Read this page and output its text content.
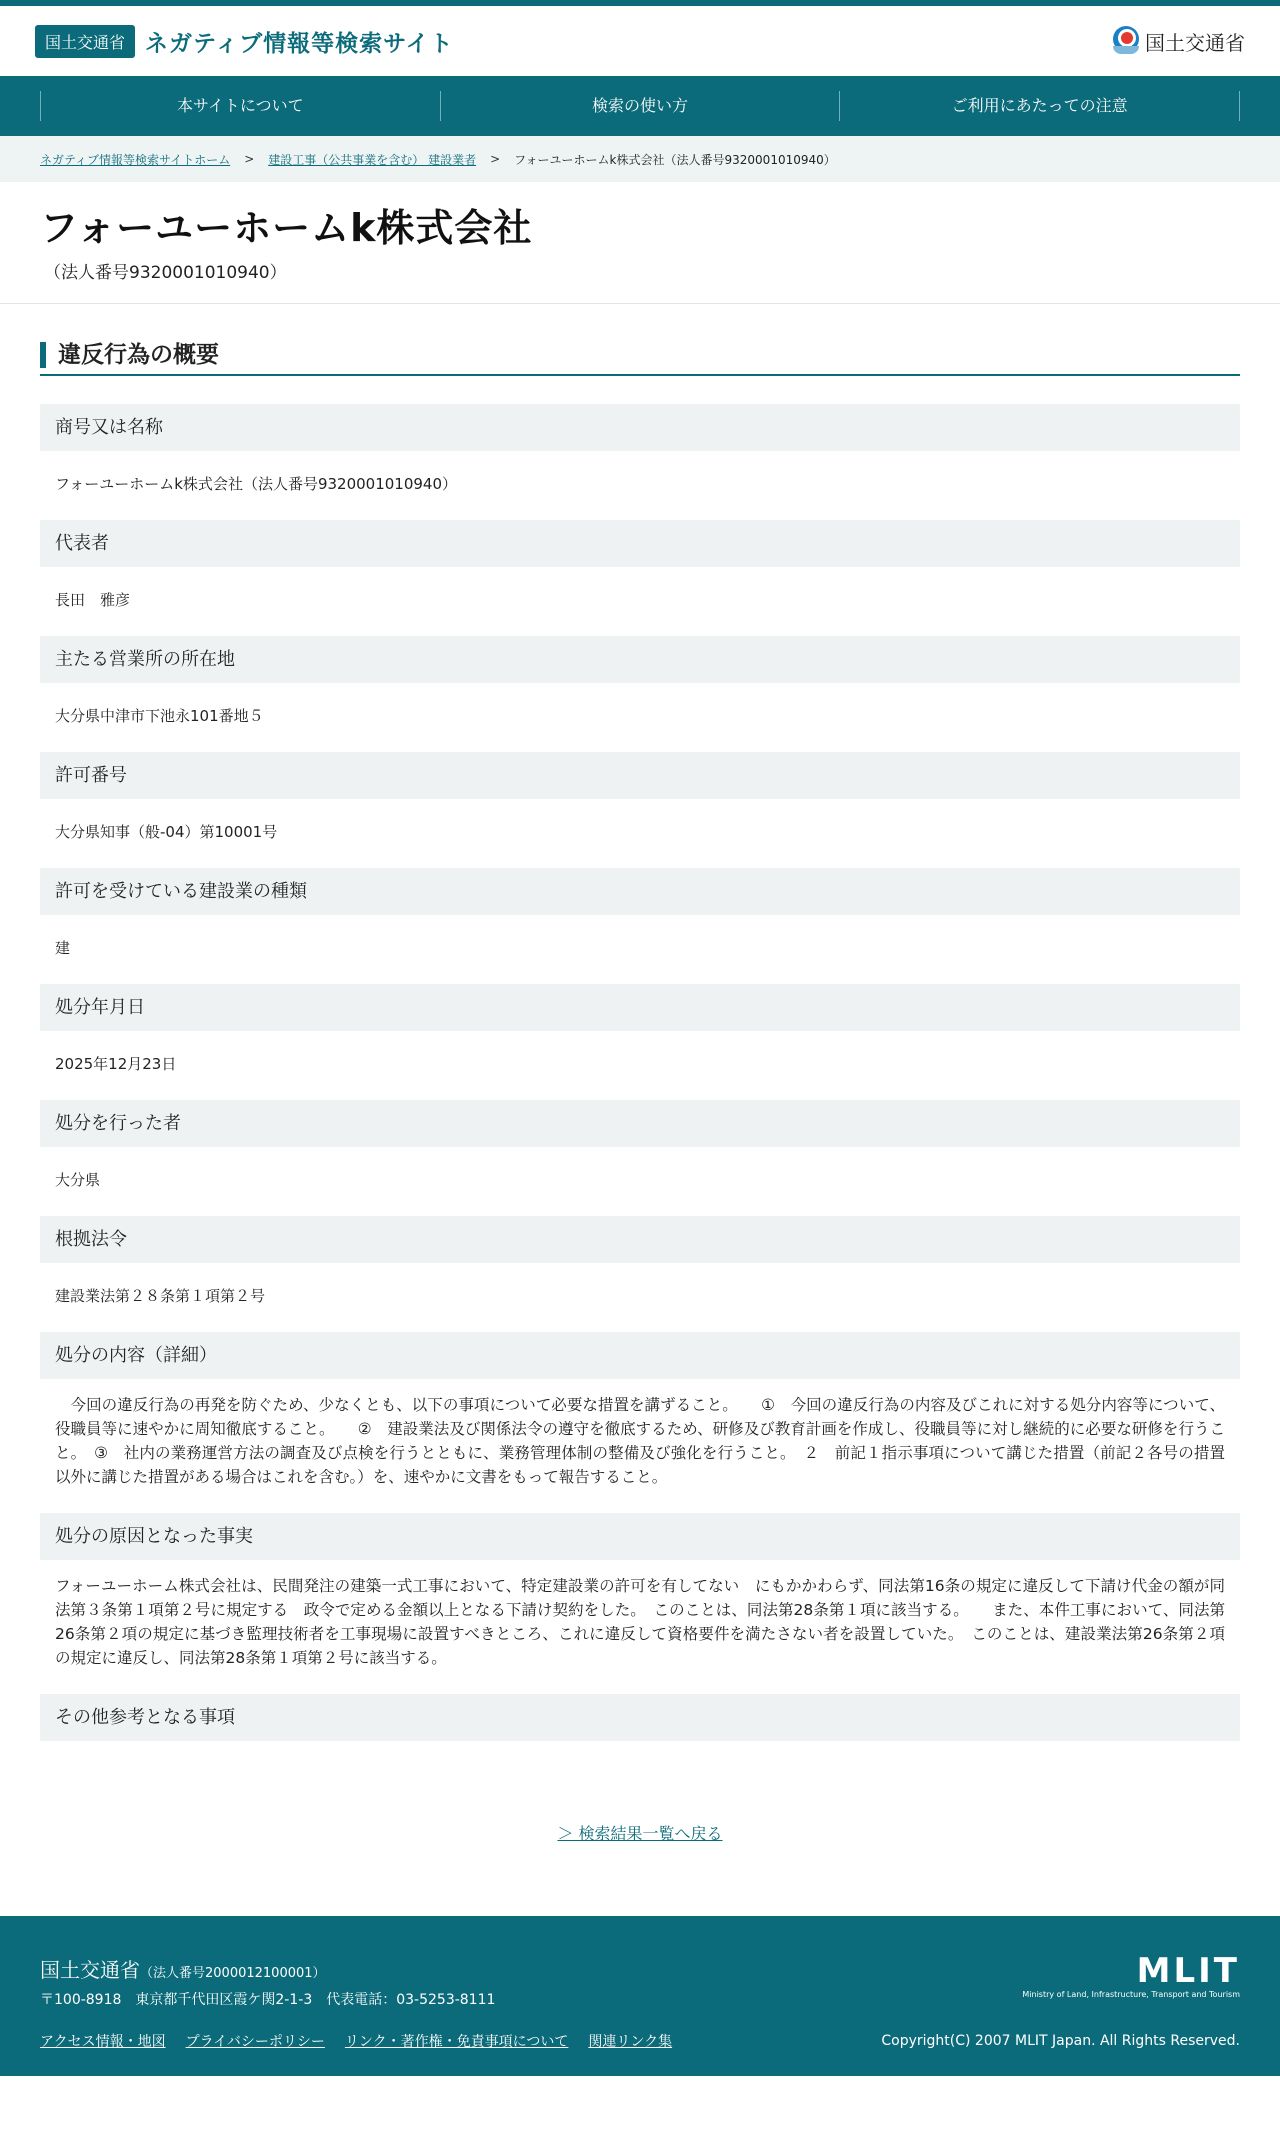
国土交通省 ネガティブ情報等検索サイト	国土交通省
本サイトについて	検索の使い方	ご利用にあたっての注意
ネガティブ情報等検索サイトホーム > 建設工事（公共事業を含む） 建設業者 > フォーユーホームk株式会社（法人番号9320001010940）
フォーユーホームk株式会社
（法人番号9320001010940）
違反行為の概要
商号又は名称
フォーユーホームk株式会社（法人番号9320001010940）
代表者
長田　雅彦
主たる営業所の所在地
大分県中津市下池永101番地５
許可番号
大分県知事（般-04）第10001号
許可を受けている建設業の種類
建
処分年月日
2025年12月23日
処分を行った者
大分県
根拠法令
建設業法第２８条第１項第２号
処分の内容（詳細）
　今回の違反行為の再発を防ぐため、少なくとも、以下の事項について必要な措置を講ずること。　　①　今回の違反行為の内容及びこれに対する処分内容等について、役職員等に速やかに周知徹底すること。　　②　建設業法及び関係法令の遵守を徹底するため、研修及び教育計画を作成し、役職員等に対し継続的に必要な研修を行うこと。　③　社内の業務運営方法の調査及び点検を行うとともに、業務管理体制の整備及び強化を行うこと。　２　前記１指示事項について講じた措置（前記２各号の措置以外に講じた措置がある場合はこれを含む。）を、速やかに文書をもって報告すること。
処分の原因となった事実
フォーユーホーム株式会社は、民間発注の建築一式工事において、特定建設業の許可を有してない　にもかかわらず、同法第16条の規定に違反して下請け代金の額が同法第３条第１項第２号に規定する　政令で定める金額以上となる下請け契約をした。　このことは、同法第28条第１項に該当する。　　また、本件工事において、同法第26条第２項の規定に基づき監理技術者を工事現場に設置すべきところ、これに違反して資格要件を満たさない者を設置していた。　このことは、建設業法第26条第２項の規定に違反し、同法第28条第１項第２号に該当する。
その他参考となる事項
＞ 検索結果一覧へ戻る
国土交通省（法人番号2000012100001）
〒100-8918　東京都千代田区霞ケ関2-1-3　代表電話：03-5253-8111
アクセス情報・地図 プライバシーポリシー リンク・著作権・免責事項について 関連リンク集
MLIT
Ministry of Land, Infrastructure, Transport and Tourism
Copyright(C) 2007 MLIT Japan. All Rights Reserved.
